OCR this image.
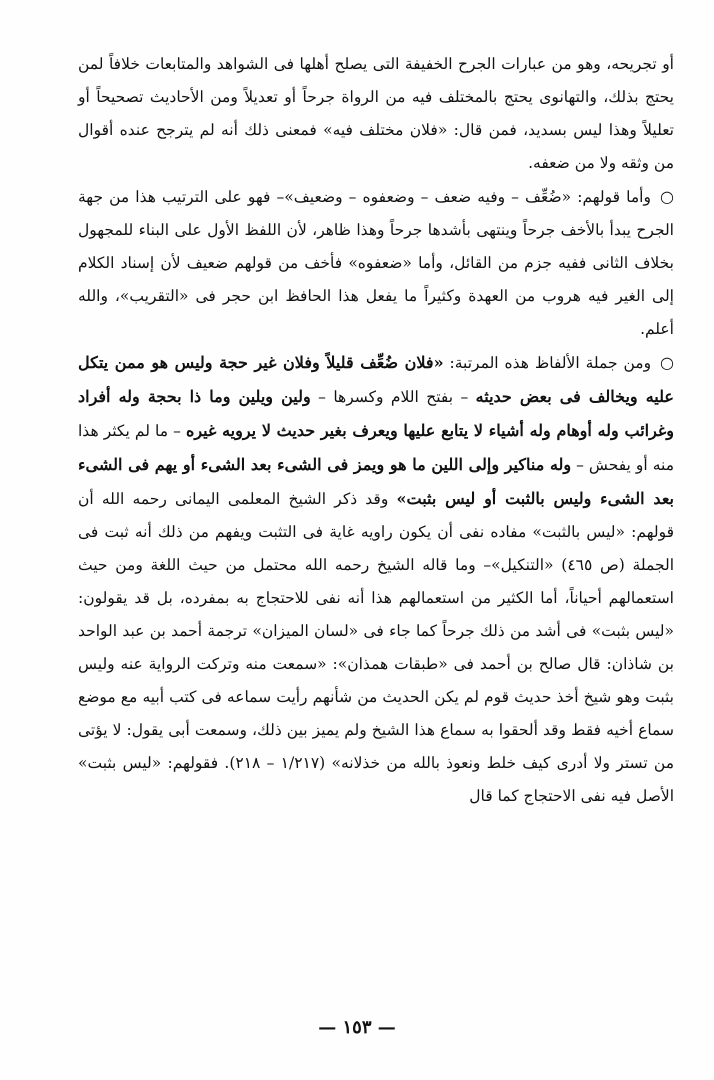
أو تجريحه، وهو من عبارات الجرح الخفيفة التى يصلح أهلها فى الشواهد والمتابعات خلافاً لمن يحتج بذلك، والتهانوى يحتج بالمختلف فيه من الرواة جرحاً أو تعديلاً ومن الأحاديث تصحيحاً أو تعليلاً وهذا ليس بسديد، فمن قال: «فلان مختلف فيه» فمعنى ذلك أنه لم يترجح عنده أقوال من وثقه ولا من ضعفه.

○ وأما قولهم: «ضُعِّف – وفيه ضعف – وضعفوه – وضعيف»– فهو على الترتيب هذا من جهة الجرح يبدأ بالأخف جرحاً وينتهى بأشدها جرحاً وهذا ظاهر، لأن اللفظ الأول على البناء للمجهول بخلاف الثانى ففيه جزم من القائل، وأما «ضعفوه» فأخف من قولهم ضعيف لأن إسناد الكلام إلى الغير فيه هروب من العهدة وكثيراً ما يفعل هذا الحافظ ابن حجر فى «التقريب»، والله أعلم.

○ ومن جملة الألفاظ هذه المرتبة: «فلان ضُعِّف قليلاً وفلان غير حجة وليس هو ممن يتكل عليه ويخالف فى بعض حديثه – بفتح اللام وكسرها – ولين ويلين وما ذا بحجة وله أفراد وغرائب وله أوهام وله أشياء لا يتابع عليها ويعرف بغير حديث لا يرويه غيره – ما لم يكثر هذا منه أو يفحش – وله مناكير وإلى اللين ما هو ويمز فى الشىء بعد الشىء أو يهم فى الشىء بعد الشىء وليس بالثبت أو ليس بثبت» وقد ذكر الشيخ المعلمى اليمانى رحمه الله أن قولهم: «ليس بالثبت» مفاده نفى أن يكون راويه غاية فى التثبت ويفهم من ذلك أنه ثبت فى الجملة (ص ٤٦٥) «التنكيل»– وما قاله الشيخ رحمه الله محتمل من حيث اللغة ومن حيث استعمالهم أحياناً، أما الكثير من استعمالهم هذا أنه نفى للاحتجاج به بمفرده، بل قد يقولون: «ليس بثبت» فى أشد من ذلك جرحاً كما جاء فى «لسان الميزان» ترجمة أحمد بن عبد الواحد بن شاذان: قال صالح بن أحمد فى «طبقات همذان»: «سمعت منه وتركت الرواية عنه وليس بثبت وهو شيخ أخذ حديث قوم لم يكن الحديث من شأنهم رأيت سماعه فى كتب أبيه مع موضع سماع أخيه فقط وقد ألحقوا به سماع هذا الشيخ ولم يميز بين ذلك، وسمعت أبى يقول: لا يؤتى من تستر ولا أدرى كيف خلط ونعوذ بالله من خذلانه» (١/٢١٧ – ٢١٨). فقولهم: «ليس بثبت» الأصل فيه نفى الاحتجاج كما قال

— ١٥٣ —
